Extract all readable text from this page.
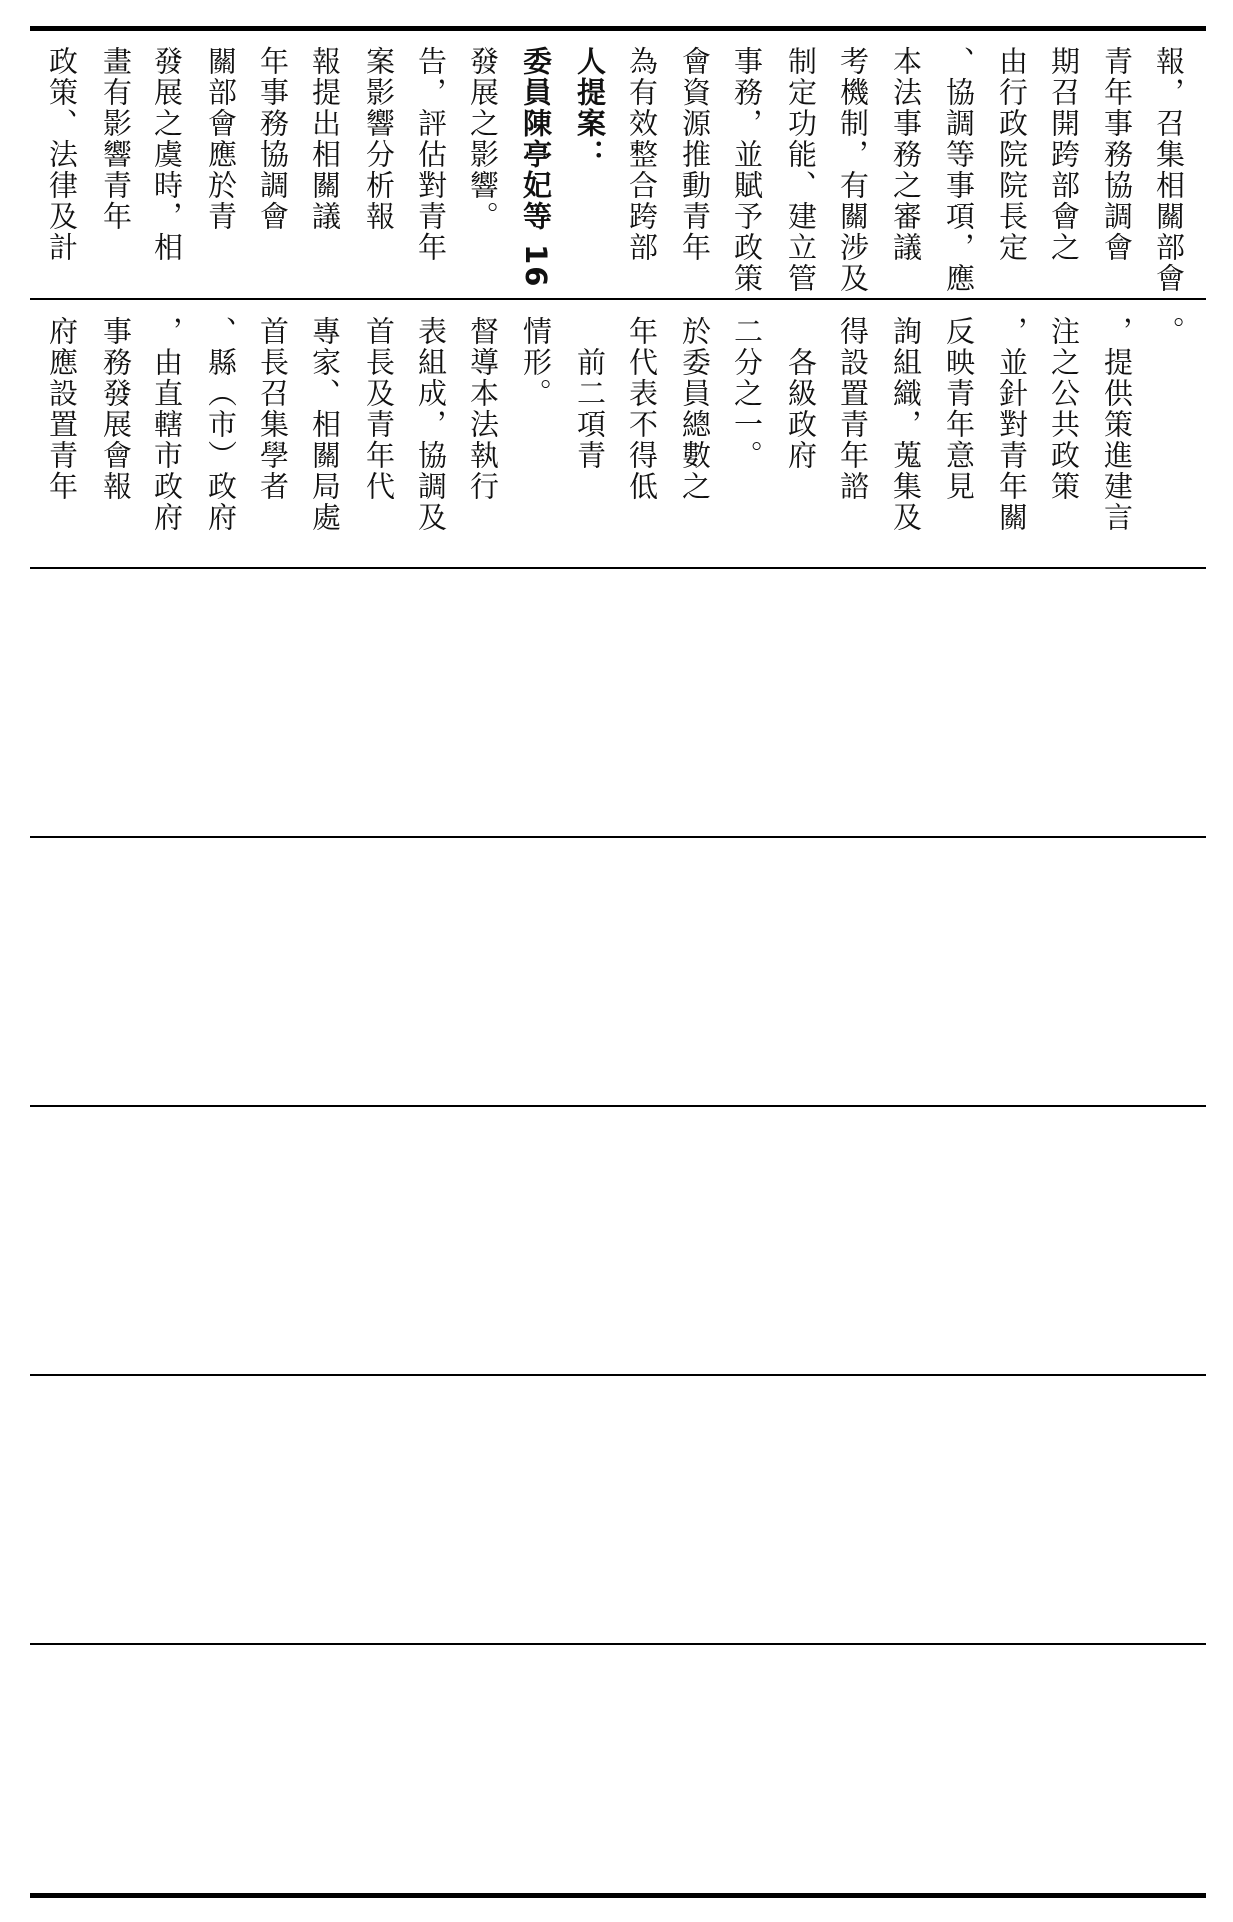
政策、法律及計 畫有影響青年 發展之虞時，相 關部會應於青 年事務協調會 報提出相關議 案影響分析報 告，評估對青年 發展之影響。 委員陳亭妃等 16 人提案： 為有效整合跨部 會資源推動青年 事務，並賦予政策 制定功能、建立管 考機制，有關涉及 本法事務之審議 、協調等事項，應 由行政院院長定 期召開跨部會之 青年事務協調會 報，召集相關部會

府應設置青年 事務發展會報 ，由直轄市政府 、縣（市）政府 首長召集學者 專家、相關局處 首長及青年代 表組成，協調及 督導本法執行 情形。 　前二項青 年代表不得低 於委員總數之 二分之一。 　各級政府 得設置青年諮 詢組織，蒐集及 反映青年意見 ，並針對青年關 注之公共政策 ，提供策進建言 。
